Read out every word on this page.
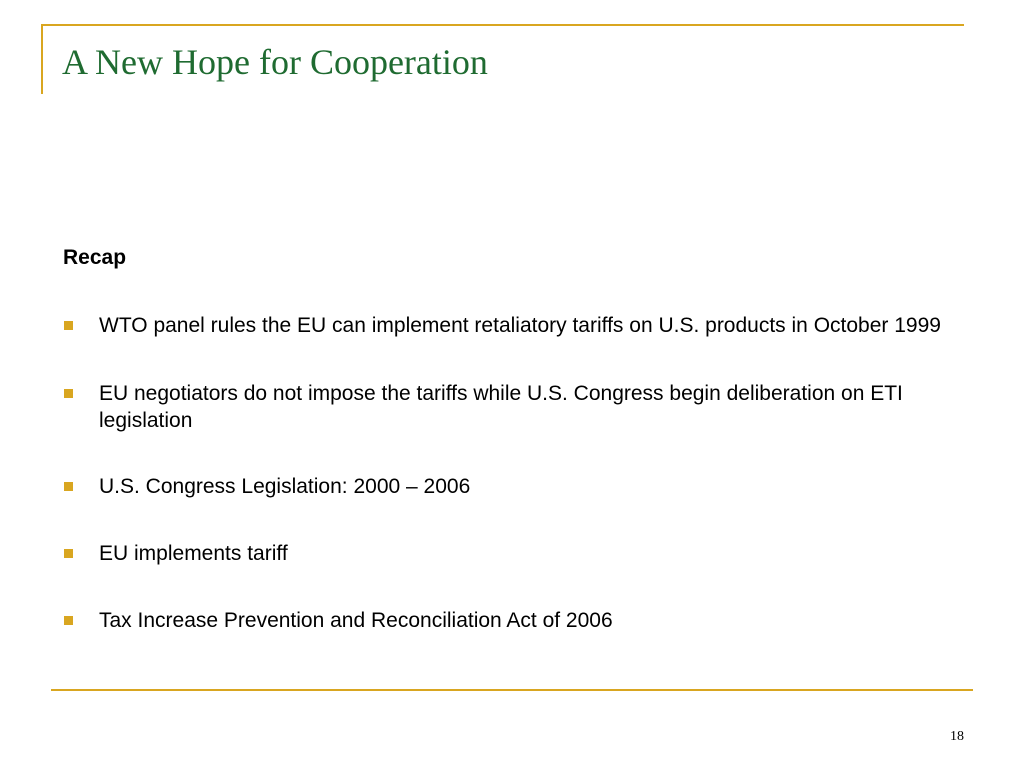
A New Hope for Cooperation
Recap
WTO panel rules the EU can implement retaliatory tariffs on U.S. products in October 1999
EU negotiators do not impose the tariffs while U.S. Congress begin deliberation on ETI legislation
U.S. Congress Legislation: 2000 – 2006
EU implements tariff
Tax Increase Prevention and Reconciliation Act of 2006
18
